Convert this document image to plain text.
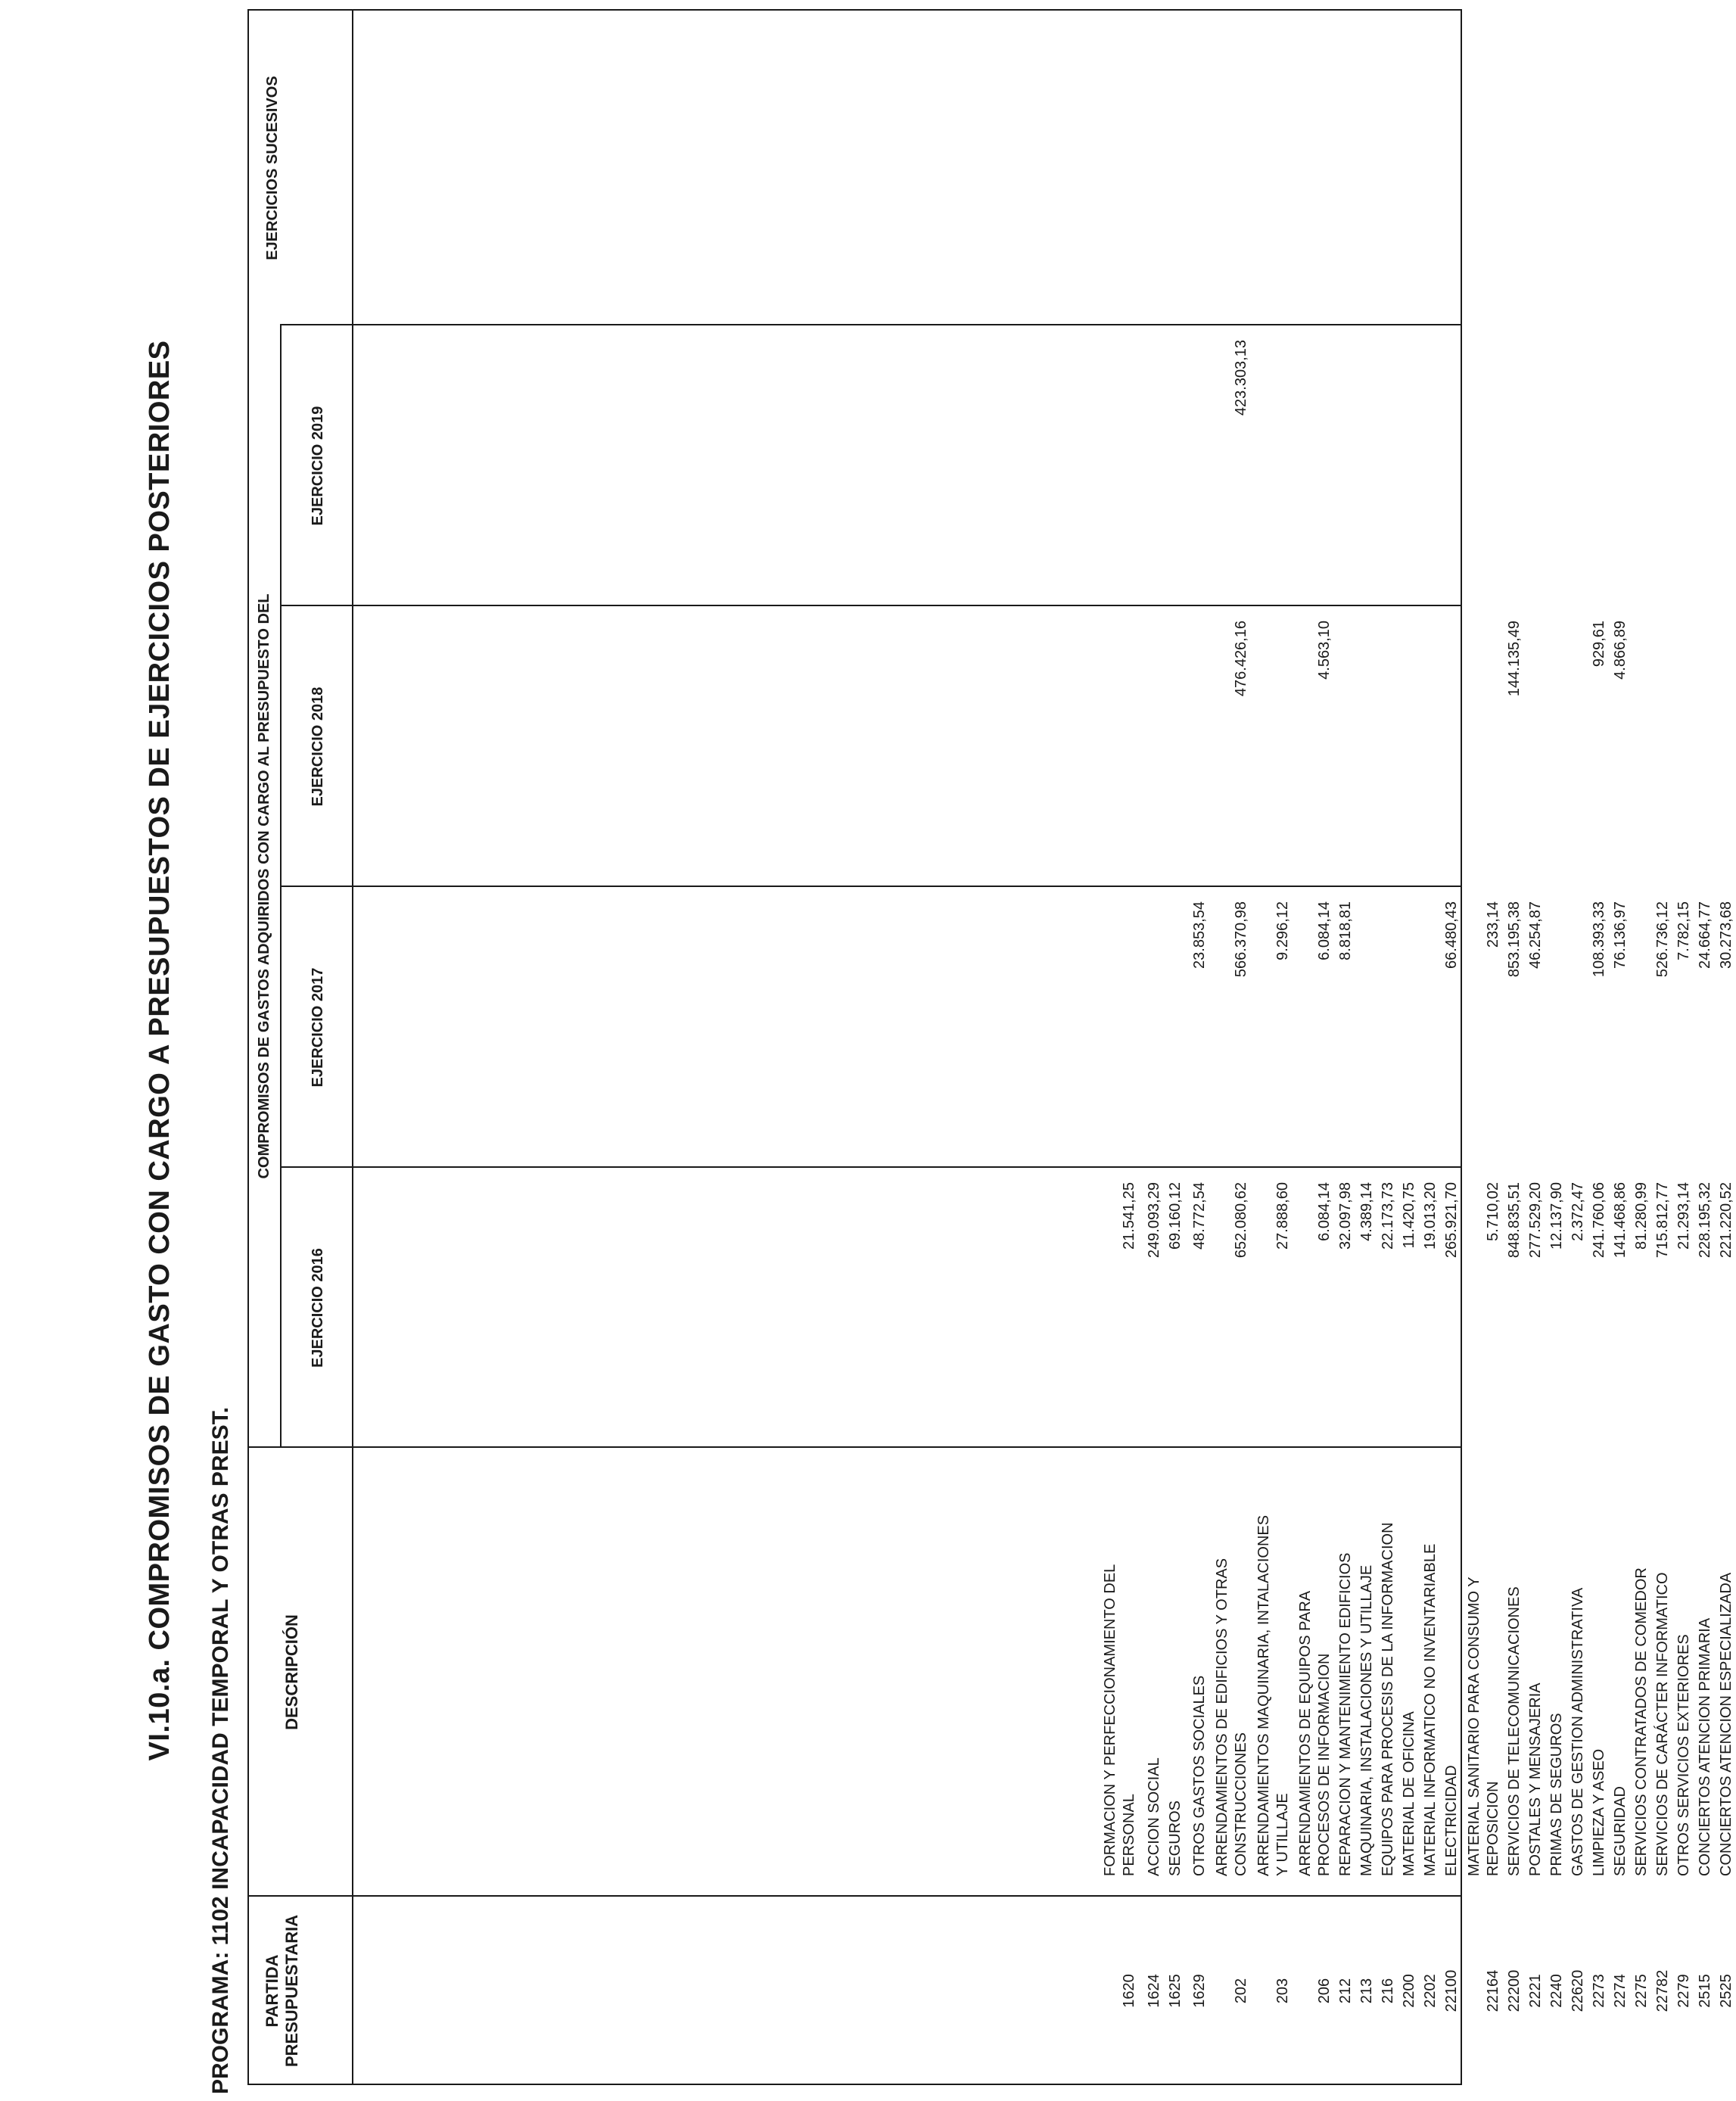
VI.10.a. COMPROMISOS DE GASTO CON CARGO A PRESUPUESTOS DE EJERCICIOS POSTERIORES PROGRAMA: 1102 INCAPACIDAD TEMPORAL Y OTRAS PREST. PARTIDA PRESUPUESTARIA
DESCRIPCIÓN
COMPROMISOS DE GASTOS ADQUIRIDOS CON CARGO AL PRESUPUESTO DEL
EJERCICIO 2016
EJERCICIO 2017
EJERCICIO 2018
EJERCICIO 2019
EJERCICIOS SUCESIVOS
1620
FORMACION Y PERFECCIONAMIENTO DEL PERSONAL
21.541,25
1624
ACCION SOCIAL
249.093,29
1625
SEGUROS
69.160,12
1629
OTROS GASTOS SOCIALES
48.772,54
23.853,54
202
ARRENDAMIENTOS DE EDIFICIOS Y OTRAS CONSTRUCCIONES
652.080,62
566.370,98
476.426,16
423.303,13
203
ARRENDAMIENTOS MAQUINARIA, INTALACIONES Y UTILLAJE
27.888,60
9.296,12
206
ARRENDAMIENTOS DE EQUIPOS PARA PROCESOS DE INFORMACION
6.084,14
6.084,14
4.563,10
212
REPARACION Y MANTENIMIENTO EDIFICIOS
32.097,98
8.818,81
213
MAQUINARIA, INSTALACIONES Y UTILLAJE
4.389,14
216
EQUIPOS PARA PROCESIS DE LA INFORMACION
22.173,73
2200
MATERIAL DE OFICINA
11.420,75
2202
MATERIAL INFORMATICO NO INVENTARIABLE
19.013,20
22100
ELECTRICIDAD
265.921,70
66.480,43
22164
MATERIAL SANITARIO PARA CONSUMO Y REPOSICION
5.710,02
233,14
22200
SERVICIOS DE TELECOMUNICACIONES
848.835,51
853.195,38
144.135,49
2221
POSTALES Y MENSAJERIA
277.529,20
46.254,87
2240
PRIMAS DE SEGUROS
12.137,90
22620
GASTOS DE GESTION ADMINISTRATIVA
2.372,47
2273
LIMPIEZA Y ASEO
241.760,06
108.393,33
929,61
2274
SEGURIDAD
141.468,86
76.136,97
4.866,89
2275
SERVICIOS CONTRATADOS DE COMEDOR
81.280,99
22782
SERVICIOS DE CARÁCTER INFORMATICO
715.812,77
526.736,12
2279
OTROS SERVICIOS EXTERIORES
21.293,14
7.782,15
2515
CONCIERTOS ATENCION PRIMARIA
228.195,32
24.664,77
2525
CONCIERTOS ATENCION ESPECIALIZADA
221.220,52
30.273,68
